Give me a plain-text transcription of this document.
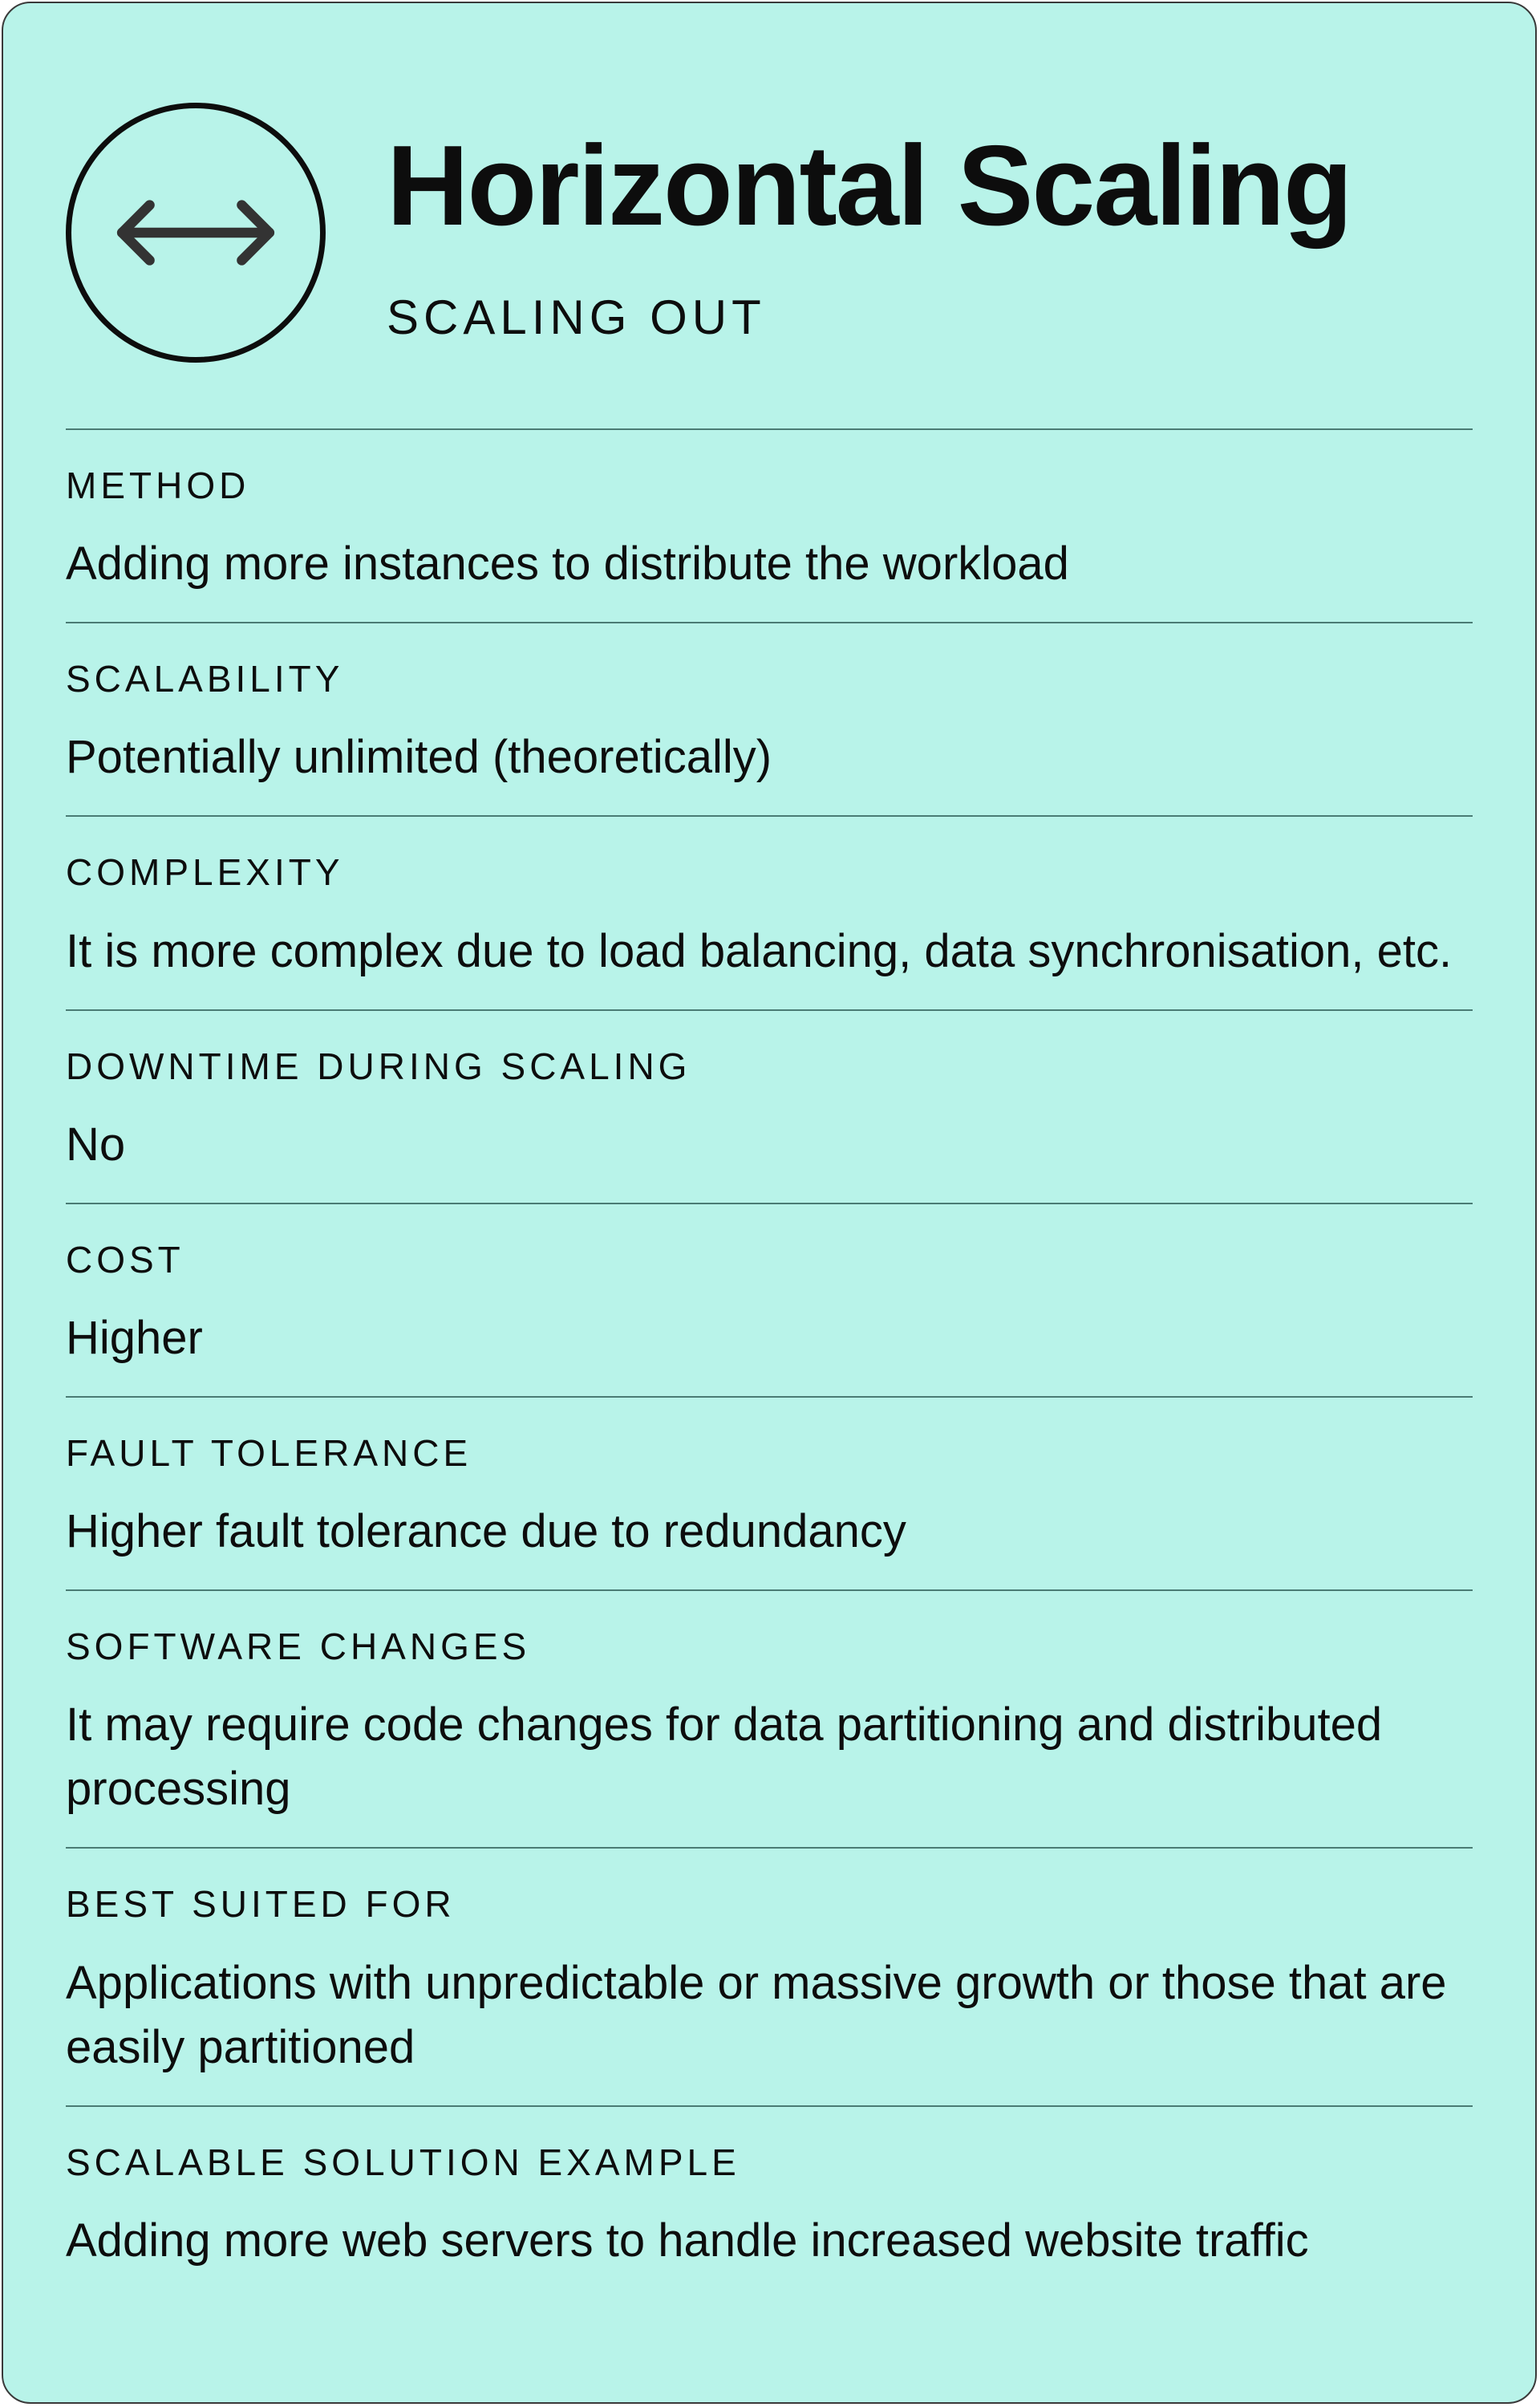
Horizontal Scaling
SCALING OUT

METHOD

Adding more instances to distribute the workload

SCALABILITY

Potentially unlimited (theoretically)

COMPLEXITY

It is more complex due to load balancing, data synchronisation, etc.

DOWNTIME DURING SCALING

No

COST

Higher

FAULT TOLERANCE

Higher fault tolerance due to redundancy

SOFTWARE CHANGES

It may require code changes for data partitioning and distributed processing

BEST SUITED FOR

Applications with unpredictable or massive growth or those that are easily partitioned

SCALABLE SOLUTION EXAMPLE

Adding more web servers to handle increased website traffic
